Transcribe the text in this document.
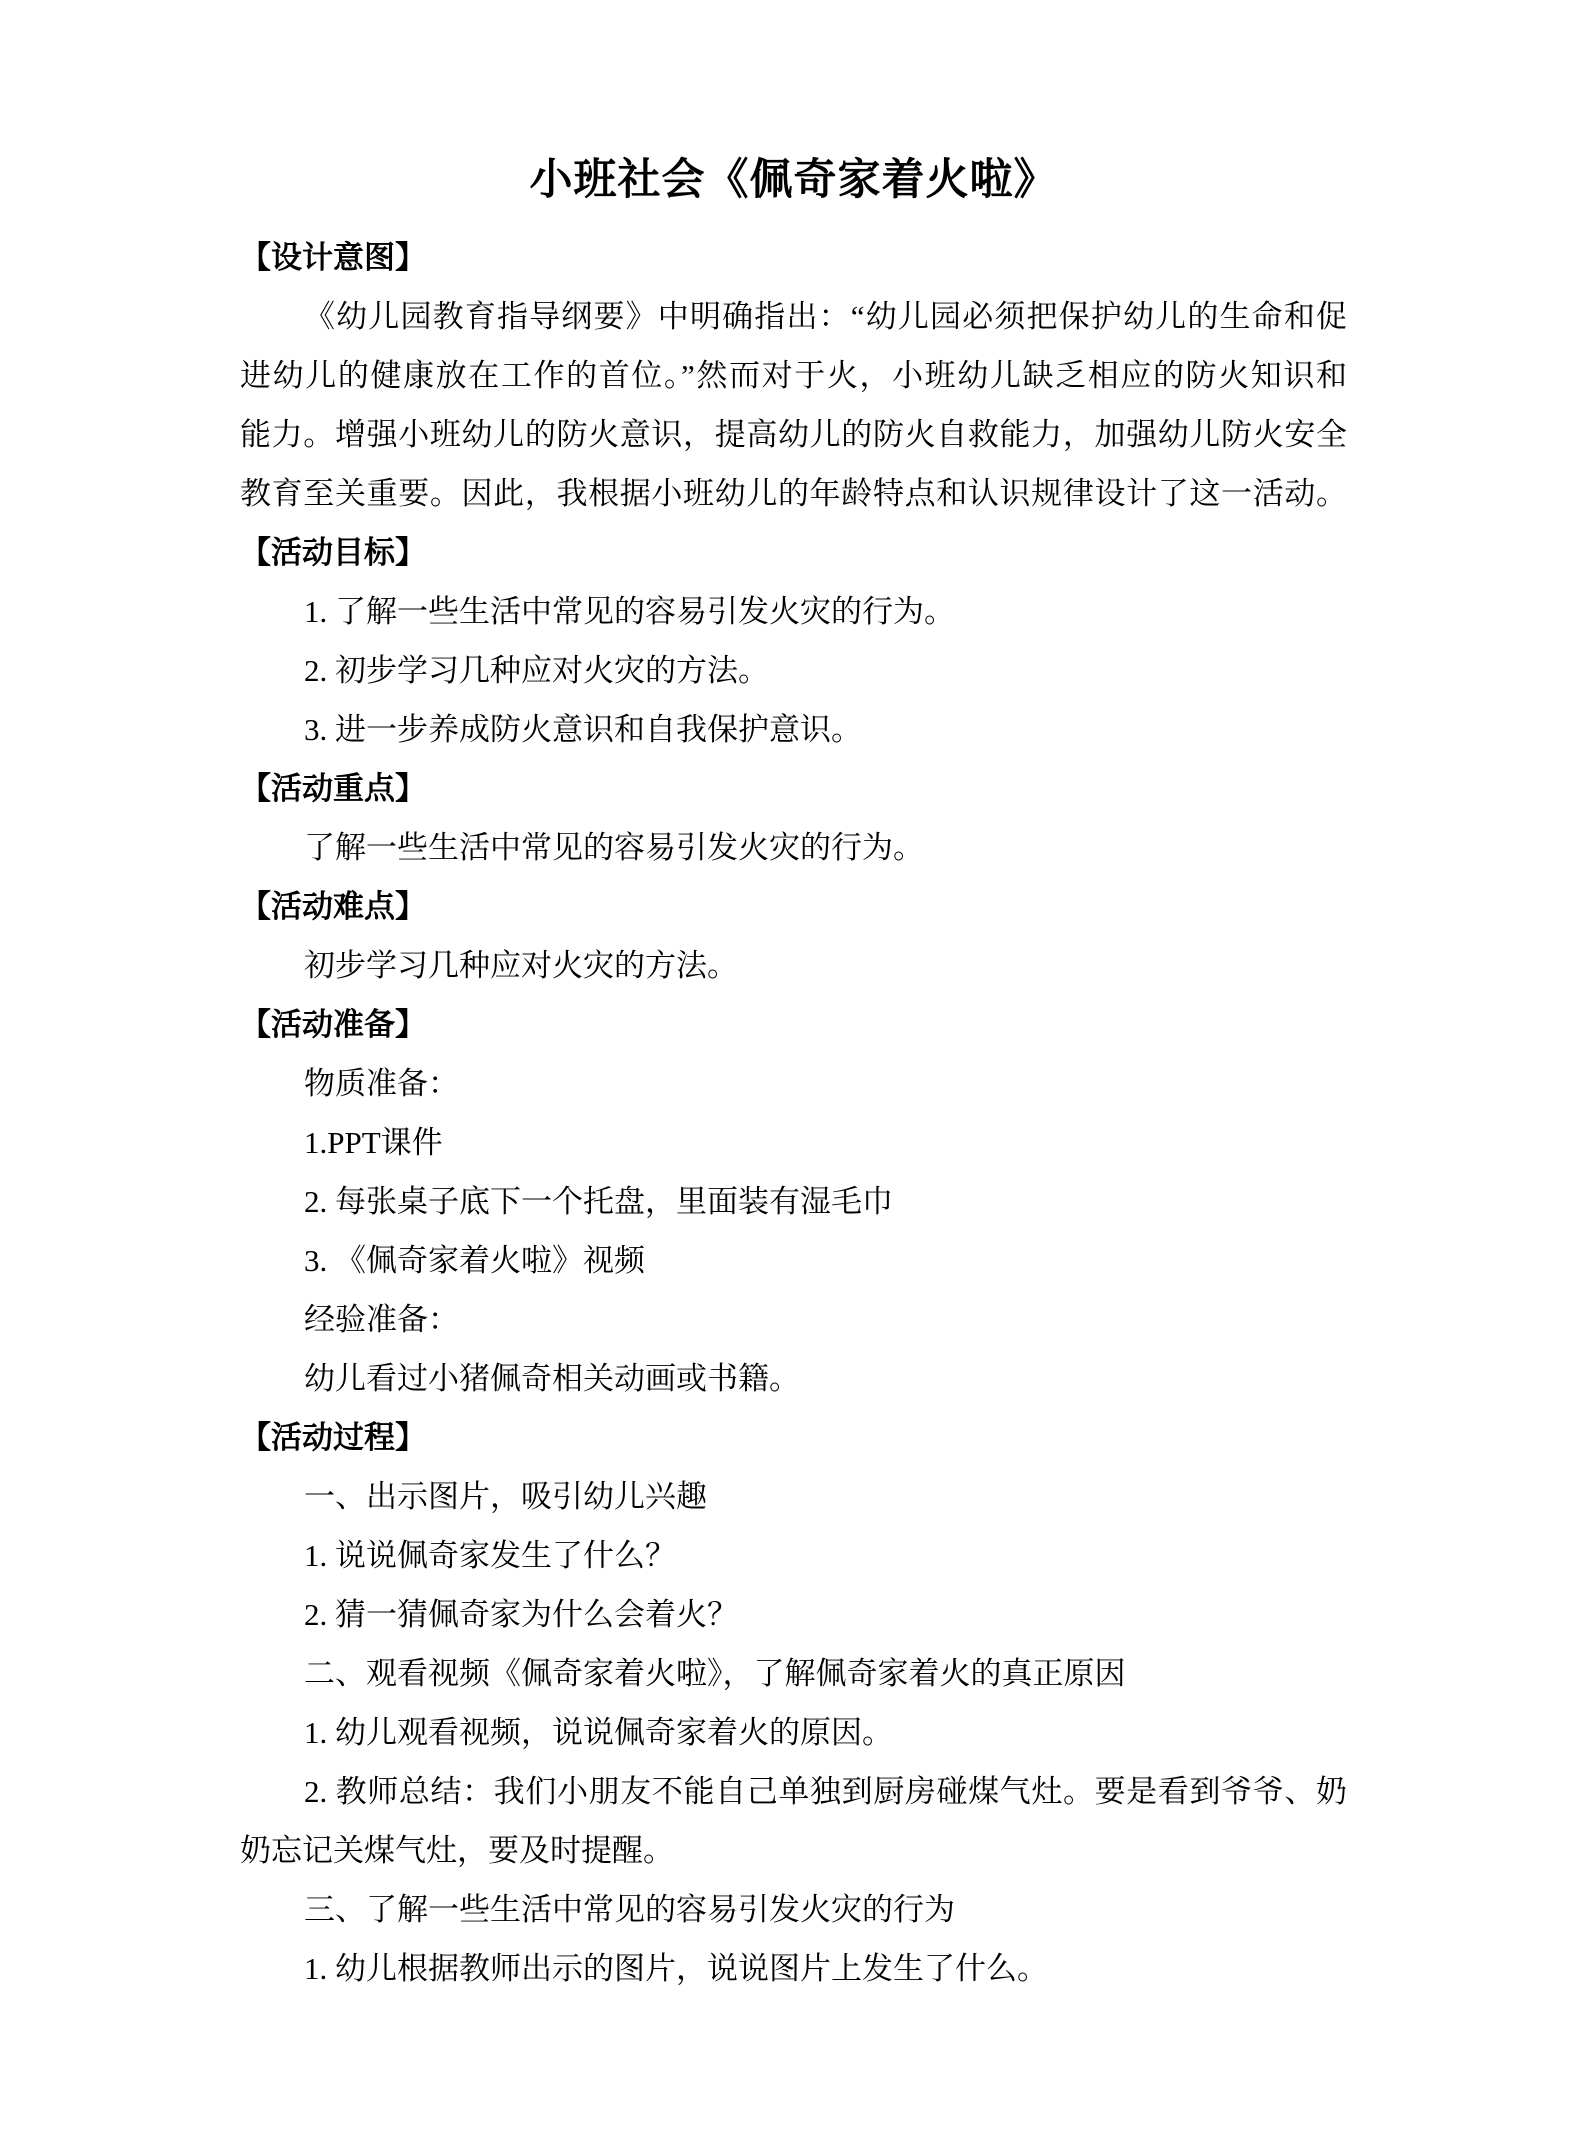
小班社会《佩奇家着火啦》
【设计意图】
《幼儿园教育指导纲要》中明确指出：“幼儿园必须把保护幼儿的生命和促
进幼儿的健康放在工作的首位。”然而对于火，小班幼儿缺乏相应的防火知识和
能力。增强小班幼儿的防火意识，提高幼儿的防火自救能力，加强幼儿防火安全
教育至关重要。因此，我根据小班幼儿的年龄特点和认识规律设计了这一活动。
【活动目标】
1. 了解一些生活中常见的容易引发火灾的行为。
2. 初步学习几种应对火灾的方法。
3. 进一步养成防火意识和自我保护意识。
【活动重点】
了解一些生活中常见的容易引发火灾的行为。
【活动难点】
初步学习几种应对火灾的方法。
【活动准备】
物质准备：
1.PPT课件
2. 每张桌子底下一个托盘，里面装有湿毛巾
3. 《佩奇家着火啦》视频
经验准备：
幼儿看过小猪佩奇相关动画或书籍。
【活动过程】
一、出示图片，吸引幼儿兴趣
1. 说说佩奇家发生了什么？
2. 猜一猜佩奇家为什么会着火？
二、观看视频《佩奇家着火啦》，了解佩奇家着火的真正原因
1. 幼儿观看视频，说说佩奇家着火的原因。
2. 教师总结：我们小朋友不能自己单独到厨房碰煤气灶。要是看到爷爷、奶
奶忘记关煤气灶，要及时提醒。
三、了解一些生活中常见的容易引发火灾的行为
1. 幼儿根据教师出示的图片，说说图片上发生了什么。
